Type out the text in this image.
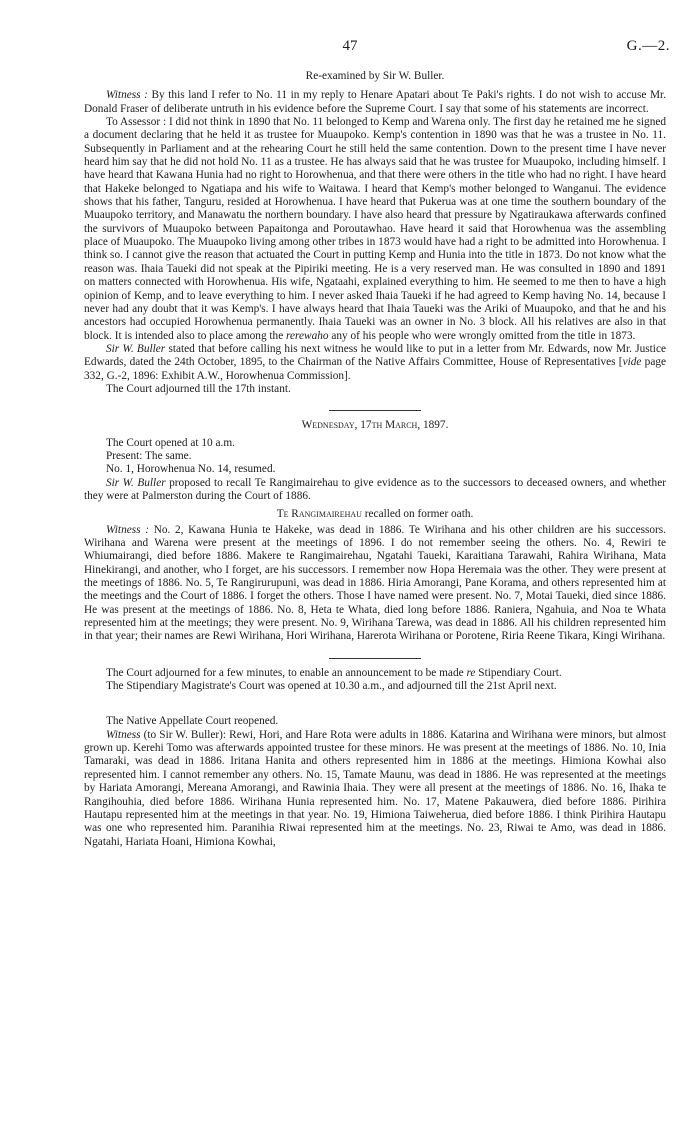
47	G.—2.

Re-examined by Sir W. Buller.

Witness : By this land I refer to No. 11 in my reply to Henare Apatari about Te Paki's rights. I do not wish to accuse Mr. Donald Fraser of deliberate untruth in his evidence before the Supreme Court. I say that some of his statements are incorrect.

To Assessor : I did not think in 1890 that No. 11 belonged to Kemp and Warena only. The first day he retained me he signed a document declaring that he held it as trustee for Muaupoko. Kemp's contention in 1890 was that he was a trustee in No. 11. Subsequently in Parliament and at the rehearing Court he still held the same contention. Down to the present time I have never heard him say that he did not hold No. 11 as a trustee. He has always said that he was trustee for Muaupoko, including himself. I have heard that Kawana Hunia had no right to Horowhenua, and that there were others in the title who had no right. I have heard that Hakeke belonged to Ngatiapa and his wife to Waitawa. I heard that Kemp's mother belonged to Wanganui. The evidence shows that his father, Tanguru, resided at Horowhenua. I have heard that Pukerua was at one time the southern boundary of the Muaupoko territory, and Manawatu the northern boundary. I have also heard that pressure by Ngatiraukawa afterwards confined the survivors of Muaupoko between Papaitonga and Poroutawhao. Have heard it said that Horowhenua was the assembling place of Muaupoko. The Muaupoko living among other tribes in 1873 would have had a right to be admitted into Horowhenua. I think so. I cannot give the reason that actuated the Court in putting Kemp and Hunia into the title in 1873. Do not know what the reason was. Ihaia Taueki did not speak at the Pipiriki meeting. He is a very reserved man. He was consulted in 1890 and 1891 on matters connected with Horowhenua. His wife, Ngataahi, explained everything to him. He seemed to me then to have a high opinion of Kemp, and to leave everything to him. I never asked Ihaia Taueki if he had agreed to Kemp having No. 14, because I never had any doubt that it was Kemp's. I have always heard that Ihaia Taueki was the Ariki of Muaupoko, and that he and his ancestors had occupied Horowhenua permanently. Ihaia Taueki was an owner in No. 3 block. All his relatives are also in that block. It is intended also to place among the rerewaho any of his people who were wrongly omitted from the title in 1873.

Sir W. Buller stated that before calling his next witness he would like to put in a letter from Mr. Edwards, now Mr. Justice Edwards, dated the 24th October, 1895, to the Chairman of the Native Affairs Committee, House of Representatives [vide page 332, G.-2, 1896: Exhibit A.W., Horowhenua Commission].

The Court adjourned till the 17th instant.

Wednesday, 17th March, 1897.

The Court opened at 10 a.m.

Present: The same.

No. 1, Horowhenua No. 14, resumed.

Sir W. Buller proposed to recall Te Rangimairehau to give evidence as to the successors to deceased owners, and whether they were at Palmerston during the Court of 1886.

Te Rangimairehau recalled on former oath.

Witness : No. 2, Kawana Hunia te Hakeke, was dead in 1886. Te Wirihana and his other children are his successors. Wirihana and Warena were present at the meetings of 1896. I do not remember seeing the others. No. 4, Rewiri te Whiumairangi, died before 1886. Makere te Rangimairehau, Ngatahi Taueki, Karaitiana Tarawahi, Rahira Wirihana, Mata Hinekirangi, and another, who I forget, are his successors. I remember now Hopa Heremaia was the other. They were present at the meetings of 1886. No. 5, Te Rangirurupuni, was dead in 1886. Hiria Amorangi, Pane Korama, and others represented him at the meetings and the Court of 1886. I forget the others. Those I have named were present. No. 7, Motai Taueki, died since 1886. He was present at the meetings of 1886. No. 8, Heta te Whata, died long before 1886. Raniera, Ngahuia, and Noa te Whata represented him at the meetings; they were present. No. 9, Wirihana Tarewa, was dead in 1886. All his children represented him in that year; their names are Rewi Wirihana, Hori Wirihana, Harerota Wirihana or Porotene, Riria Reene Tikara, Kingi Wirihana.

The Court adjourned for a few minutes, to enable an announcement to be made re Stipendiary Court.

The Stipendiary Magistrate's Court was opened at 10.30 a.m., and adjourned till the 21st April next.

The Native Appellate Court reopened.

Witness (to Sir W. Buller): Rewi, Hori, and Hare Rota were adults in 1886. Katarina and Wirihana were minors, but almost grown up. Kerehi Tomo was afterwards appointed trustee for these minors. He was present at the meetings of 1886. No. 10, Inia Tamaraki, was dead in 1886. Iritana Hanita and others represented him in 1886 at the meetings. Himiona Kowhai also represented him. I cannot remember any others. No. 15, Tamate Maunu, was dead in 1886. He was represented at the meetings by Hariata Amorangi, Mereana Amorangi, and Rawinia Ihaia. They were all present at the meetings of 1886. No. 16, Ihaka te Rangihouhia, died before 1886. Wirihana Hunia represented him. No. 17, Matene Pakauwera, died before 1886. Pirihira Hautapu represented him at the meetings in that year. No. 19, Himiona Taiweherua, died before 1886. I think Pirihira Hautapu was one who represented him. Paranihia Riwai represented him at the meetings. No. 23, Riwai te Amo, was dead in 1886. Ngatahi, Hariata Hoani, Himiona Kowhai,
